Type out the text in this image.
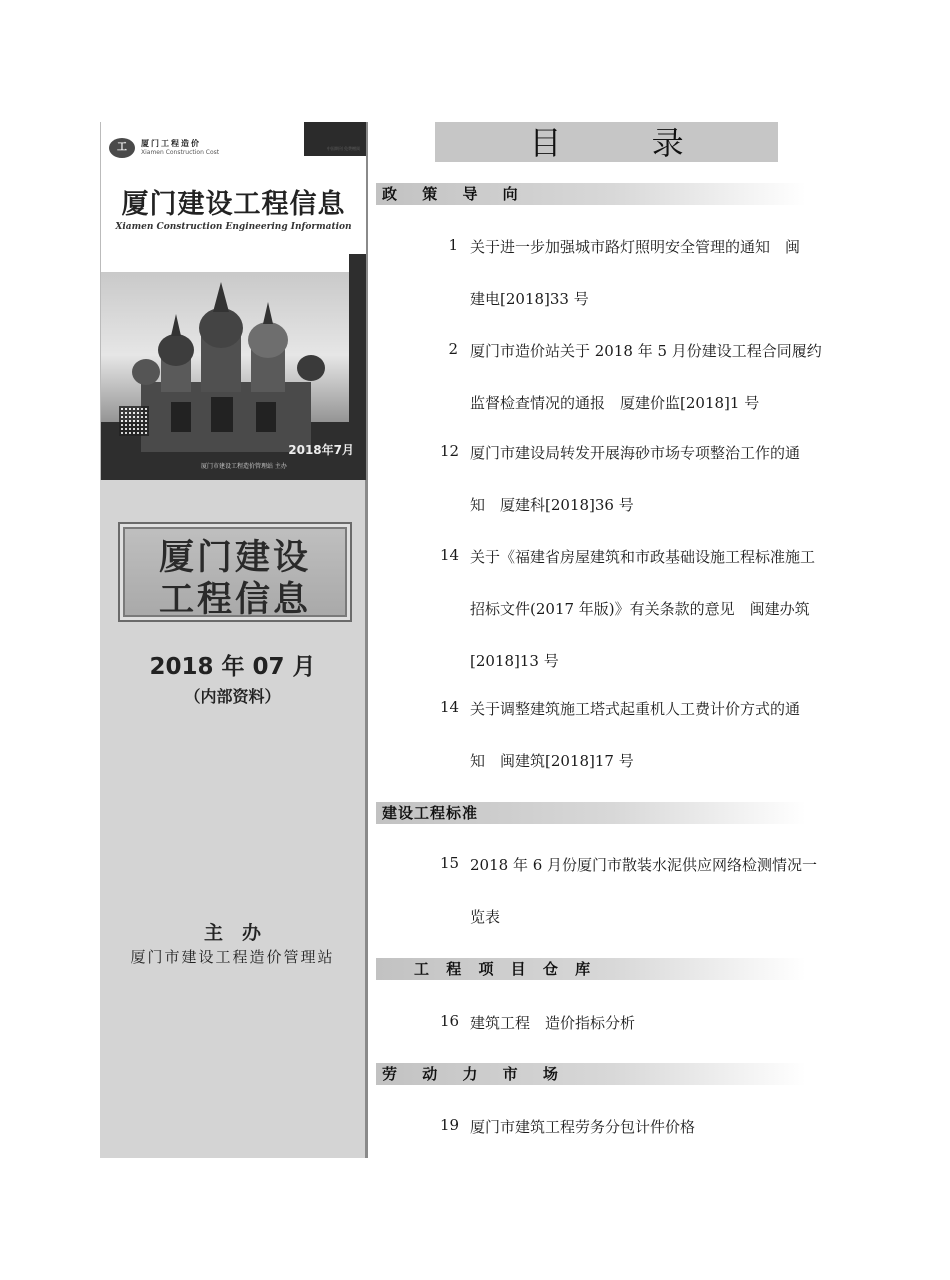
工	厦门工程造价
Xiamen Construction Cost
中国期刊 免费赠阅
厦门建设工程信息
Xiamen Construction Engineering Information
2018年7月
厦门市建设工程造价管理站 主办
厦门建设
工程信息
2018 年 07 月
（内部资料）
主　办
厦门市建设工程造价管理站
目 录
政 策 导 向
1 关于进一步加强城市路灯照明安全管理的通知　闽
建电[2018]33 号
2 厦门市造价站关于 2018 年 5 月份建设工程合同履约
监督检查情况的通报　厦建价监[2018]1 号
12 厦门市建设局转发开展海砂市场专项整治工作的通
知　厦建科[2018]36 号
14 关于《福建省房屋建筑和市政基础设施工程标准施工
招标文件(2017 年版)》有关条款的意见　闽建办筑
[2018]13 号
14 关于调整建筑施工塔式起重机人工费计价方式的通
知　闽建筑[2018]17 号
建设工程标准
15 2018 年 6 月份厦门市散装水泥供应网络检测情况一
览表
工 程 项 目 仓 库
16 建筑工程　造价指标分析
劳 动 力 市 场
19 厦门市建筑工程劳务分包计件价格
